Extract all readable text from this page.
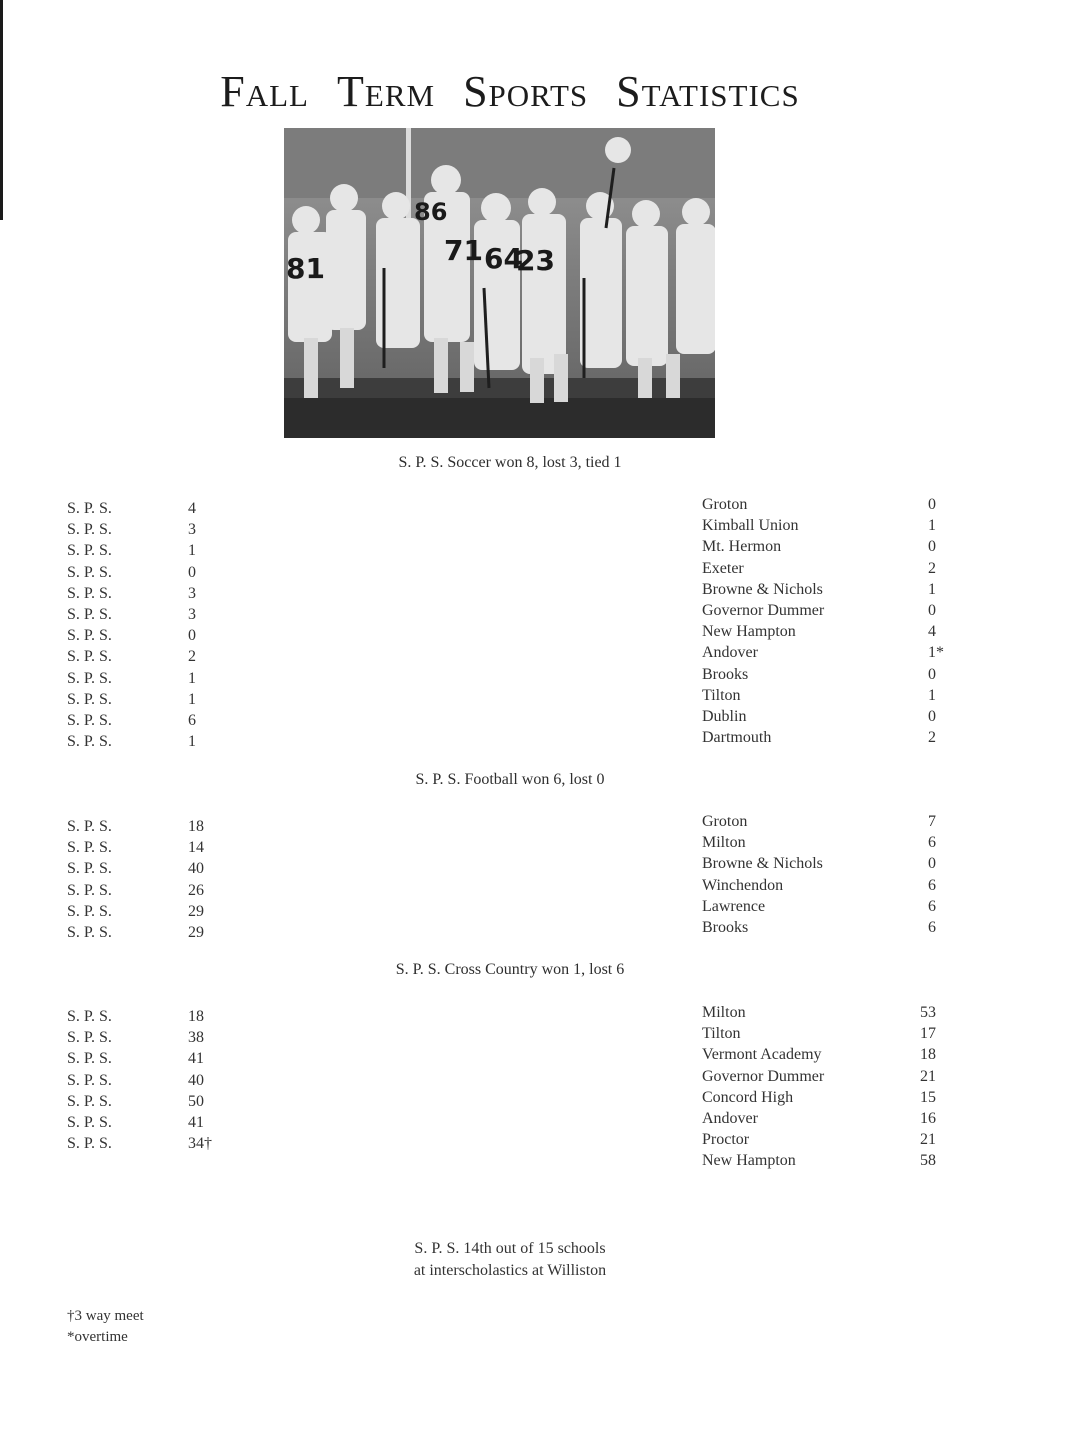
Fall Term Sports Statistics
81
86
71 64
23
S. P. S. Soccer won 8, lost 3, tied 1
S. P. S.
S. P. S.
S. P. S.
S. P. S.
S. P. S.
S. P. S.
S. P. S.
S. P. S.
S. P. S.
S. P. S.
S. P. S.
S. P. S.
4
3
1
0
3
3
0
2
1
1
6
1
Groton
Kimball Union
Mt. Hermon
Exeter
Browne & Nichols
Governor Dummer
New Hampton
Andover
Brooks
Tilton
Dublin
Dartmouth
0
1
0
2
1
0
4
1*
0
1
0
2
S. P. S. Football won 6, lost 0
S. P. S.
S. P. S.
S. P. S.
S. P. S.
S. P. S.
S. P. S.
18
14
40
26
29
29
Groton
Milton
Browne & Nichols
Winchendon
Lawrence
Brooks
7
6
0
6
6
6
S. P. S. Cross Country won 1, lost 6
S. P. S.
S. P. S.
S. P. S.
S. P. S.
S. P. S.
S. P. S.
S. P. S.
18
38
41
40
50
41
34†
Milton
Tilton
Vermont Academy
Governor Dummer
Concord High
Andover
Proctor
New Hampton
53
17
18
21
15
16
21
58
S. P. S. 14th out of 15 schools
at interscholastics at Williston
†3 way meet
*overtime
